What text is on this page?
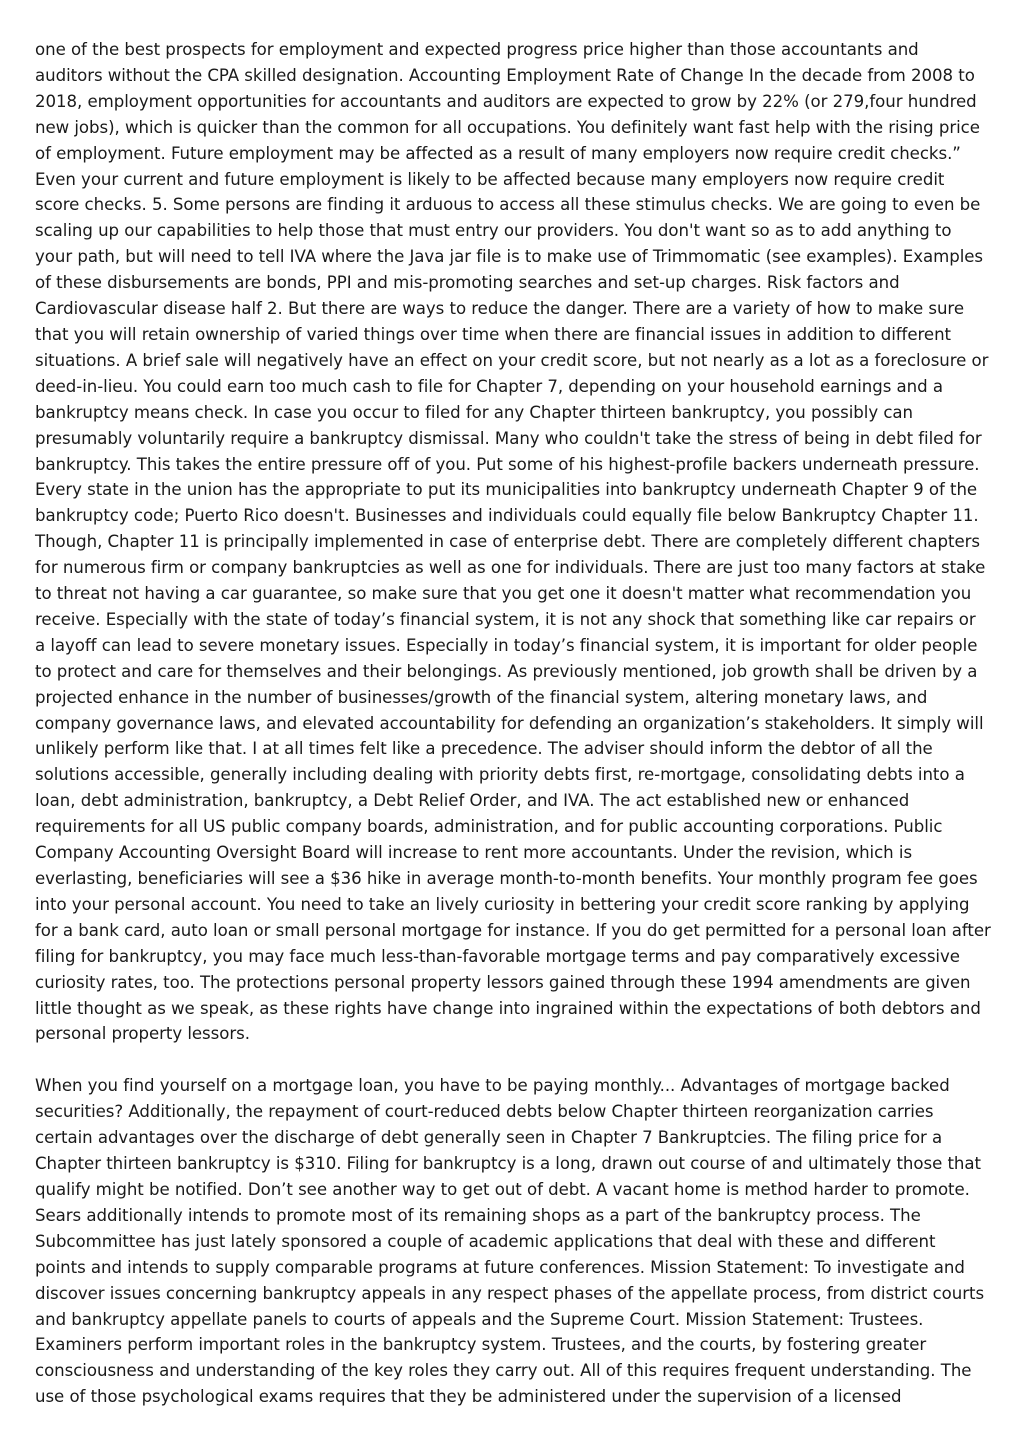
one of the best prospects for employment and expected progress price higher than those accountants and auditors without the CPA skilled designation. Accounting Employment Rate of Change In the decade from 2008 to 2018, employment opportunities for accountants and auditors are expected to grow by 22% (or 279,four hundred new jobs), which is quicker than the common for all occupations. You definitely want fast help with the rising price of employment. Future employment may be affected as a result of many employers now require credit checks.” Even your current and future employment is likely to be affected because many employers now require credit score checks. 5. Some persons are finding it arduous to access all these stimulus checks. We are going to even be scaling up our capabilities to help those that must entry our providers. You don't want so as to add anything to your path, but will need to tell IVA where the Java jar file is to make use of Trimmomatic (see examples). Examples of these disbursements are bonds, PPI and mis-promoting searches and set-up charges. Risk factors and Cardiovascular disease half 2. But there are ways to reduce the danger. There are a variety of how to make sure that you will retain ownership of varied things over time when there are financial issues in addition to different situations. A brief sale will negatively have an effect on your credit score, but not nearly as a lot as a foreclosure or deed-in-lieu. You could earn too much cash to file for Chapter 7, depending on your household earnings and a bankruptcy means check. In case you occur to filed for any Chapter thirteen bankruptcy, you possibly can presumably voluntarily require a bankruptcy dismissal. Many who couldn't take the stress of being in debt filed for bankruptcy. This takes the entire pressure off of you. Put some of his highest-profile backers underneath pressure. Every state in the union has the appropriate to put its municipalities into bankruptcy underneath Chapter 9 of the bankruptcy code; Puerto Rico doesn't. Businesses and individuals could equally file below Bankruptcy Chapter 11. Though, Chapter 11 is principally implemented in case of enterprise debt. There are completely different chapters for numerous firm or company bankruptcies as well as one for individuals. There are just too many factors at stake to threat not having a car guarantee, so make sure that you get one it doesn't matter what recommendation you receive. Especially with the state of today’s financial system, it is not any shock that something like car repairs or a layoff can lead to severe monetary issues. Especially in today’s financial system, it is important for older people to protect and care for themselves and their belongings. As previously mentioned, job growth shall be driven by a projected enhance in the number of businesses/growth of the financial system, altering monetary laws, and company governance laws, and elevated accountability for defending an organization’s stakeholders. It simply will unlikely perform like that. I at all times felt like a precedence. The adviser should inform the debtor of all the solutions accessible, generally including dealing with priority debts first, re-mortgage, consolidating debts into a loan, debt administration, bankruptcy, a Debt Relief Order, and IVA. The act established new or enhanced requirements for all US public company boards, administration, and for public accounting corporations. Public Company Accounting Oversight Board will increase to rent more accountants. Under the revision, which is everlasting, beneficiaries will see a $36 hike in average month-to-month benefits. Your monthly program fee goes into your personal account. You need to take an lively curiosity in bettering your credit score ranking by applying for a bank card, auto loan or small personal mortgage for instance. If you do get permitted for a personal loan after filing for bankruptcy, you may face much less-than-favorable mortgage terms and pay comparatively excessive curiosity rates, too. The protections personal property lessors gained through these 1994 amendments are given little thought as we speak, as these rights have change into ingrained within the expectations of both debtors and personal property lessors.

When you find yourself on a mortgage loan, you have to be paying monthly... Advantages of mortgage backed securities? Additionally, the repayment of court-reduced debts below Chapter thirteen reorganization carries certain advantages over the discharge of debt generally seen in Chapter 7 Bankruptcies. The filing price for a Chapter thirteen bankruptcy is $310. Filing for bankruptcy is a long, drawn out course of and ultimately those that qualify might be notified. Don’t see another way to get out of debt. A vacant home is method harder to promote. Sears additionally intends to promote most of its remaining shops as a part of the bankruptcy process. The Subcommittee has just lately sponsored a couple of academic applications that deal with these and different points and intends to supply comparable programs at future conferences. Mission Statement: To investigate and discover issues concerning bankruptcy appeals in any respect phases of the appellate process, from district courts and bankruptcy appellate panels to courts of appeals and the Supreme Court. Mission Statement: Trustees. Examiners perform important roles in the bankruptcy system. Trustees, and the courts, by fostering greater consciousness and understanding of the key roles they carry out. All of this requires frequent understanding. The use of those psychological exams requires that they be administered under the supervision of a licensed
